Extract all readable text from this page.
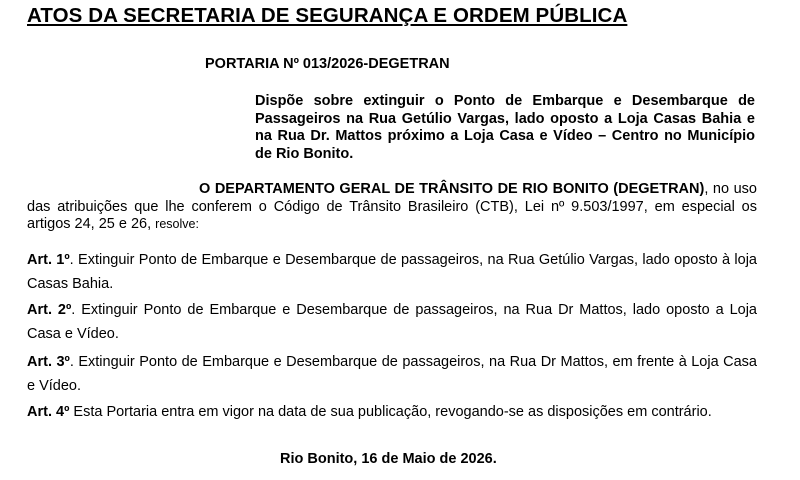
ATOS DA SECRETARIA DE SEGURANÇA E ORDEM PÚBLICA
PORTARIA Nº 013/2026-DEGETRAN
Dispõe sobre extinguir o Ponto de Embarque e Desembarque de Passageiros na Rua Getúlio Vargas, lado oposto a Loja Casas Bahia e na Rua Dr. Mattos próximo a Loja Casa e Vídeo – Centro no Município de Rio Bonito.
O DEPARTAMENTO GERAL DE TRÂNSITO DE RIO BONITO (DEGETRAN), no uso das atribuições que lhe conferem o Código de Trânsito Brasileiro (CTB), Lei nº 9.503/1997, em especial os artigos 24, 25 e 26, resolve:
Art. 1º. Extinguir Ponto de Embarque e Desembarque de passageiros, na Rua Getúlio Vargas, lado oposto à loja Casas Bahia.
Art. 2º. Extinguir Ponto de Embarque e Desembarque de passageiros, na Rua Dr Mattos, lado oposto a Loja Casa e Vídeo.
Art. 3º. Extinguir Ponto de Embarque e Desembarque de passageiros, na Rua Dr Mattos, em frente à Loja Casa e Vídeo.
Art. 4º Esta Portaria entra em vigor na data de sua publicação, revogando-se as disposições em contrário.
Rio Bonito, 16 de Maio de 2026.
